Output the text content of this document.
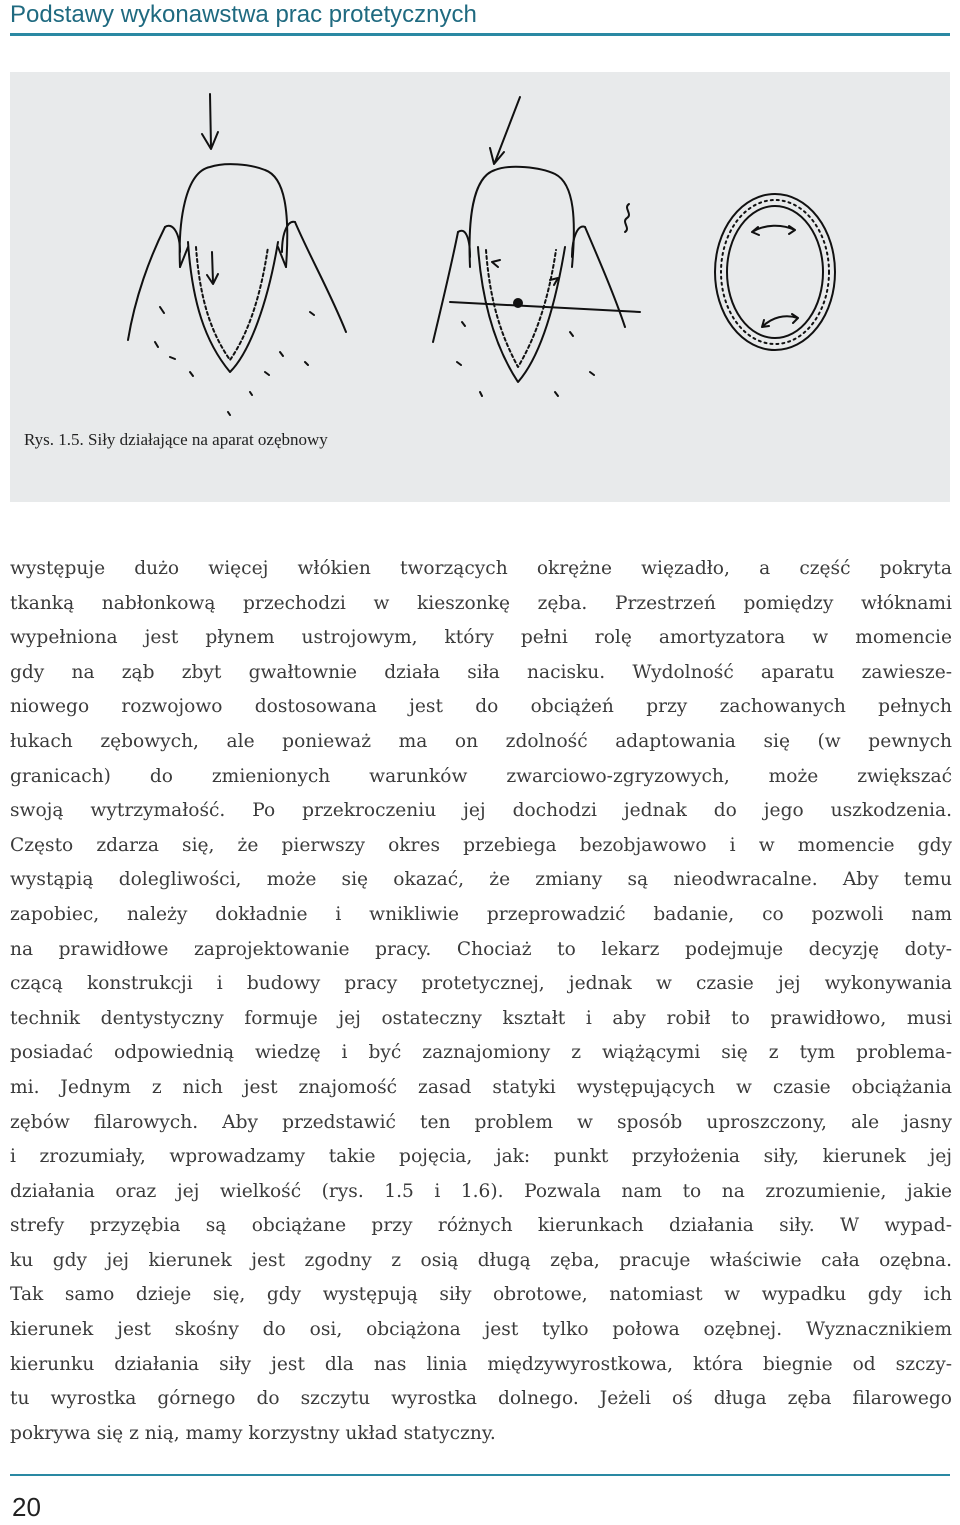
Podstawy wykonawstwa prac protetycznych
Rys. 1.5. Siły działające na aparat ozębnowy
występuje dużo więcej włókien tworzących okrężne więzadło, a część pokryta
tkanką nabłonkową przechodzi w kieszonkę zęba. Przestrzeń pomiędzy włóknami
wypełniona jest płynem ustrojowym, który pełni rolę amortyzatora w momencie
gdy na ząb zbyt gwałtownie działa siła nacisku. Wydolność aparatu zawiesze-
niowego rozwojowo dostosowana jest do obciążeń przy zachowanych pełnych
łukach zębowych, ale ponieważ ma on zdolność adaptowania się (w pewnych
granicach) do zmienionych warunków zwarciowo-zgryzowych, może zwiększać
swoją wytrzymałość. Po przekroczeniu jej dochodzi jednak do jego uszkodzenia.
Często zdarza się, że pierwszy okres przebiega bezobjawowo i w momencie gdy
wystąpią dolegliwości, może się okazać, że zmiany są nieodwracalne. Aby temu
zapobiec, należy dokładnie i wnikliwie przeprowadzić badanie, co pozwoli nam
na prawidłowe zaprojektowanie pracy. Chociaż to lekarz podejmuje decyzję doty-
czącą konstrukcji i budowy pracy protetycznej, jednak w czasie jej wykonywania
technik dentystyczny formuje jej ostateczny kształt i aby robił to prawidłowo, musi
posiadać odpowiednią wiedzę i być zaznajomiony z wiążącymi się z tym problema-
mi. Jednym z nich jest znajomość zasad statyki występujących w czasie obciążania
zębów filarowych. Aby przedstawić ten problem w sposób uproszczony, ale jasny
i zrozumiały, wprowadzamy takie pojęcia, jak: punkt przyłożenia siły, kierunek jej
działania oraz jej wielkość (rys. 1.5 i 1.6). Pozwala nam to na zrozumienie, jakie
strefy przyzębia są obciążane przy różnych kierunkach działania siły. W wypad-
ku gdy jej kierunek jest zgodny z osią długą zęba, pracuje właściwie cała ozębna.
Tak samo dzieje się, gdy występują siły obrotowe, natomiast w wypadku gdy ich
kierunek jest skośny do osi, obciążona jest tylko połowa ozębnej. Wyznacznikiem
kierunku działania siły jest dla nas linia międzywyrostkowa, która biegnie od szczy-
tu wyrostka górnego do szczytu wyrostka dolnego. Jeżeli oś długa zęba filarowego
pokrywa się z nią, mamy korzystny układ statyczny.
20
